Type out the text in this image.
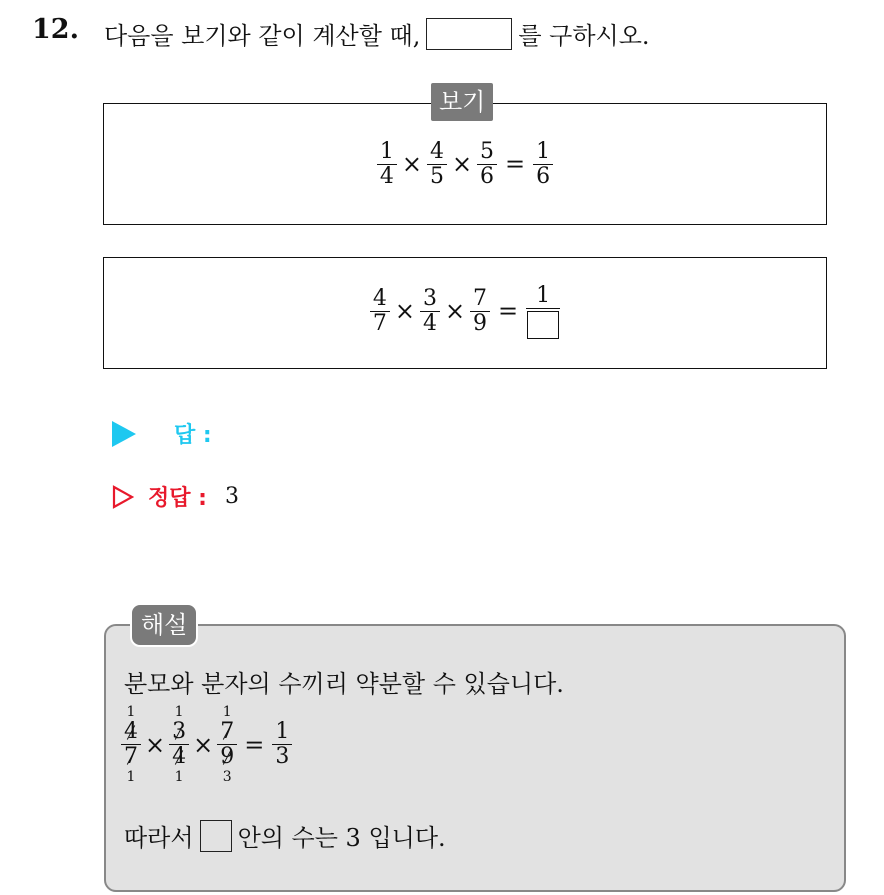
12. 다음을 보기와 같이 계산할 때,	를 구하시오.
보기
$\frac{1}{4} \times \frac{4}{5} \times \frac{5}{6} = \frac{1}{6}$
$\frac{4}{7} \times \frac{3}{4} \times \frac{7}{9}$ =
1
답 :
정답 : 3
해설
분모와 분자의 수끼리 약분할 수 있습니다.
1
4
7
1
×
1
3
4
1
×
1
7
9
3
= $\frac{1}{3}$
따라서 안의 수는 3 입니다.
